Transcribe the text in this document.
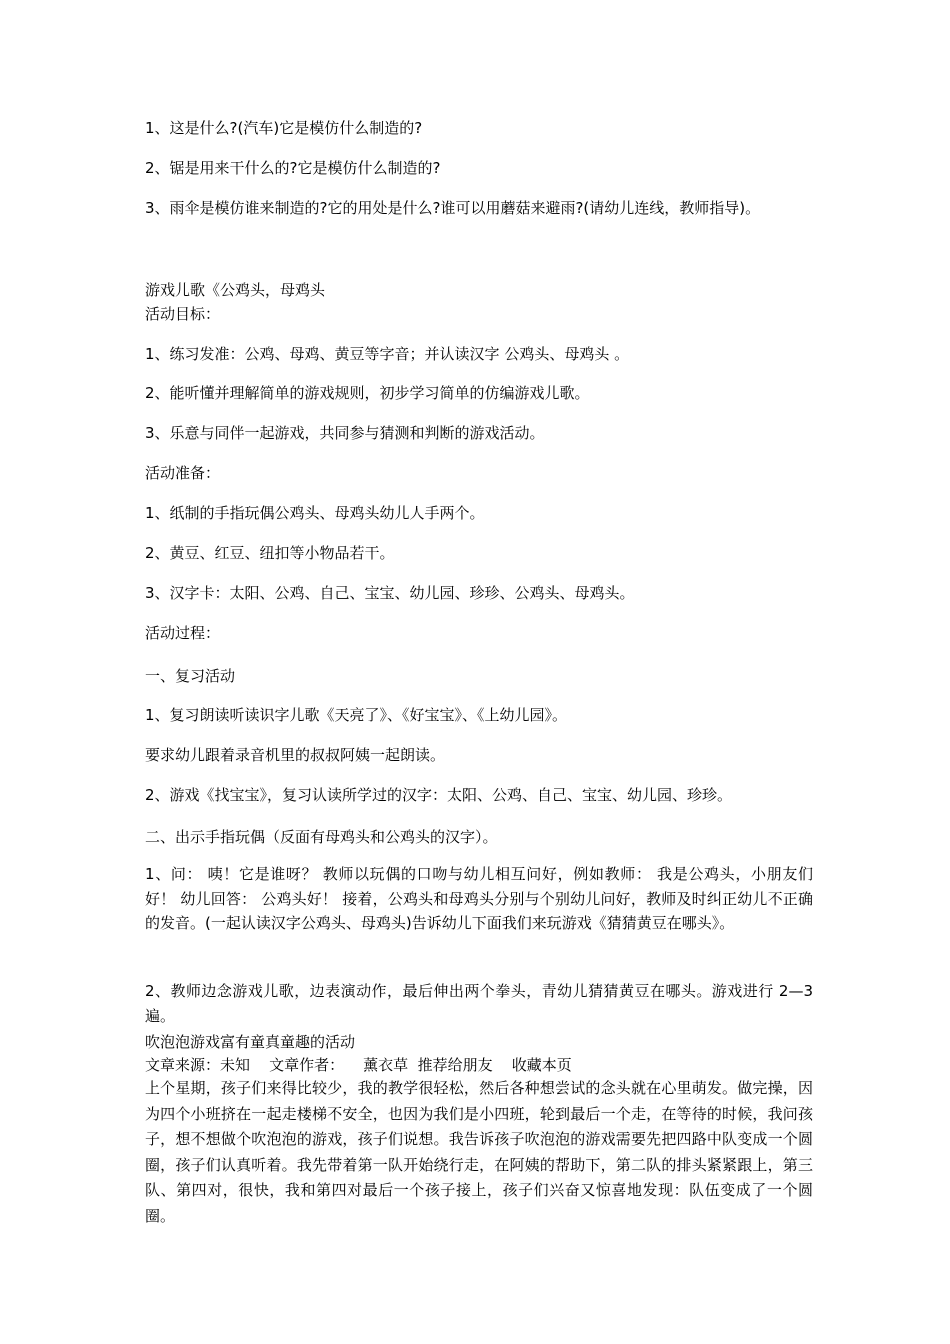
1、这是什么?(汽车)它是模仿什么制造的?
2、锯是用来干什么的?它是模仿什么制造的?
3、雨伞是模仿谁来制造的?它的用处是什么?谁可以用蘑菇来避雨?(请幼儿连线，教师指导)。
游戏儿歌《公鸡头，母鸡头
活动目标：
1、练习发准：公鸡、母鸡、黄豆等字音；并认读汉字 公鸡头、母鸡头 。
2、能听懂并理解简单的游戏规则，初步学习简单的仿编游戏儿歌。
3、乐意与同伴一起游戏，共同参与猜测和判断的游戏活动。
活动准备：
1、纸制的手指玩偶公鸡头、母鸡头幼儿人手两个。
2、黄豆、红豆、纽扣等小物品若干。
3、汉字卡：太阳、公鸡、自己、宝宝、幼儿园、珍珍、公鸡头、母鸡头。
活动过程：
一、复习活动
1、复习朗读听读识字儿歌《天亮了》、《好宝宝》、《上幼儿园》。
要求幼儿跟着录音机里的叔叔阿姨一起朗读。
2、游戏《找宝宝》，复习认读所学过的汉字：太阳、公鸡、自己、宝宝、幼儿园、珍珍。
二、出示手指玩偶（反面有母鸡头和公鸡头的汉字）。
1、问： 咦！它是谁呀？ 教师以玩偶的口吻与幼儿相互问好，例如教师： 我是公鸡头，小朋友们好！ 幼儿回答： 公鸡头好！ 接着，公鸡头和母鸡头分别与个别幼儿问好，教师及时纠正幼儿不正确的发音。(一起认读汉字公鸡头、母鸡头)告诉幼儿下面我们来玩游戏《猜猜黄豆在哪头》。
2、教师边念游戏儿歌，边表演动作，最后伸出两个拳头，青幼儿猜猜黄豆在哪头。游戏进行 2—3 遍。
吹泡泡游戏富有童真童趣的活动
文章来源：未知    文章作者：    薰衣草  推荐给朋友    收藏本页
上个星期，孩子们来得比较少，我的教学很轻松，然后各种想尝试的念头就在心里萌发。做完操，因为四个小班挤在一起走楼梯不安全，也因为我们是小四班，轮到最后一个走，在等待的时候，我问孩子，想不想做个吹泡泡的游戏，孩子们说想。我告诉孩子吹泡泡的游戏需要先把四路中队变成一个圆圈，孩子们认真听着。我先带着第一队开始绕行走，在阿姨的帮助下，第二队的排头紧紧跟上，第三队、第四对，很快，我和第四对最后一个孩子接上，孩子们兴奋又惊喜地发现：队伍变成了一个圆圈。
